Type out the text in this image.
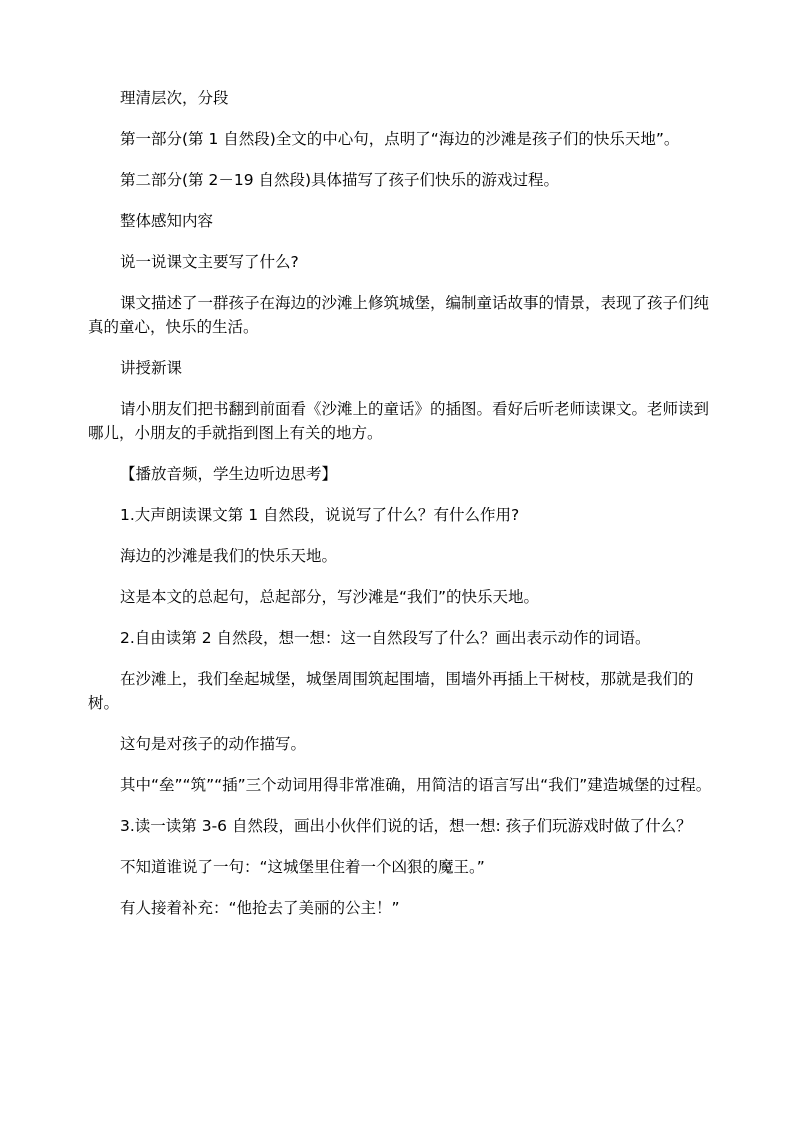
理清层次，分段

第一部分(第 1 自然段)全文的中心句，点明了“海边的沙滩是孩子们的快乐天地”。

第二部分(第 2－19 自然段)具体描写了孩子们快乐的游戏过程。

整体感知内容

说一说课文主要写了什么?

课文描述了一群孩子在海边的沙滩上修筑城堡，编制童话故事的情景，表现了孩子们纯真的童心，快乐的生活。

讲授新课

请小朋友们把书翻到前面看《沙滩上的童话》的插图。看好后听老师读课文。老师读到哪儿，小朋友的手就指到图上有关的地方。

【播放音频，学生边听边思考】

1.大声朗读课文第 1 自然段，说说写了什么？有什么作用?

海边的沙滩是我们的快乐天地。

这是本文的总起句，总起部分，写沙滩是“我们”的快乐天地。

2.自由读第 2 自然段，想一想：这一自然段写了什么？画出表示动作的词语。

在沙滩上，我们垒起城堡，城堡周围筑起围墙，围墙外再插上干树枝，那就是我们的树。

这句是对孩子的动作描写。

其中“垒”“筑”“插”三个动词用得非常准确，用简洁的语言写出“我们”建造城堡的过程。

3.读一读第 3-6 自然段，画出小伙伴们说的话，想一想: 孩子们玩游戏时做了什么？

不知道谁说了一句：“这城堡里住着一个凶狠的魔王。”

有人接着补充：“他抢去了美丽的公主！”
